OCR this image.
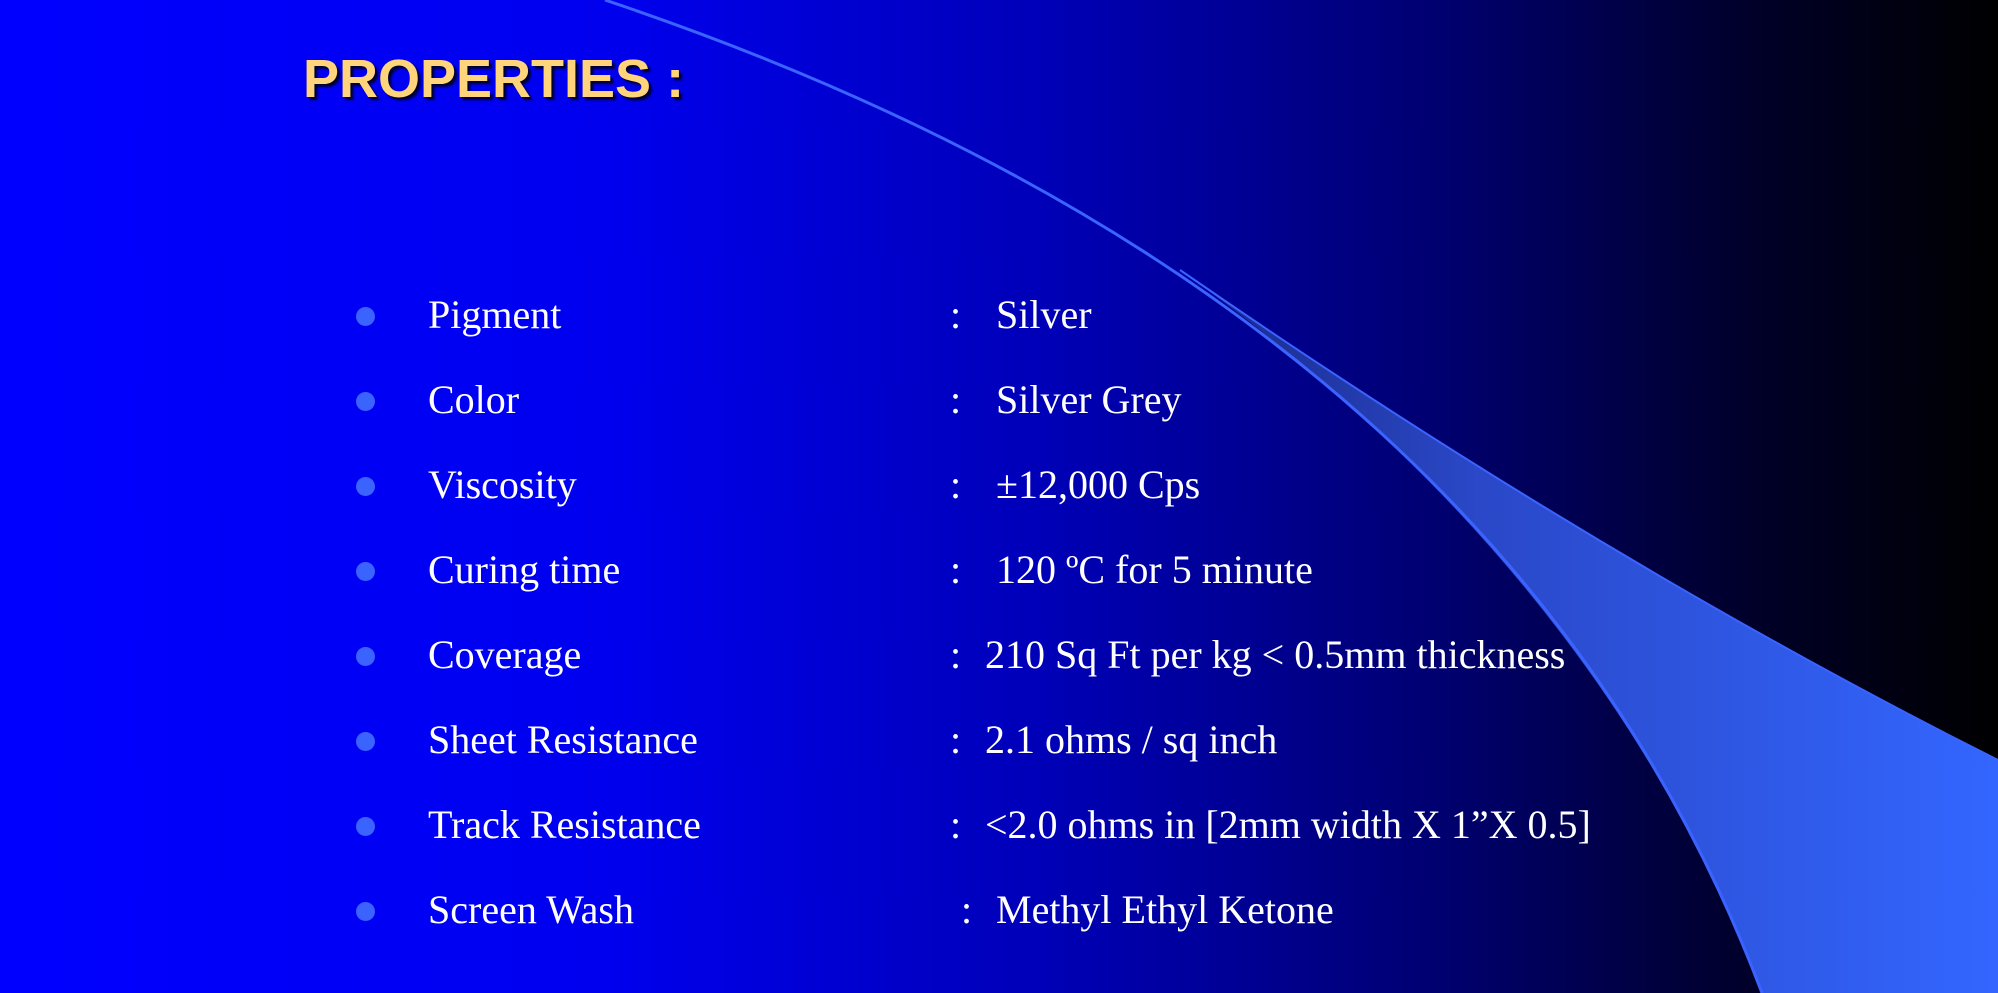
PROPERTIES :
Pigment	: Silver
Color	: Silver Grey
Viscosity	: ±12,000 Cps
Curing time	: 120 ºC for 5 minute
Coverage	: 210 Sq Ft per kg < 0.5mm thickness
Sheet Resistance	: 2.1 ohms / sq inch
Track Resistance	: <2.0 ohms in [2mm width X 1”X 0.5]
Screen Wash	: Methyl Ethyl Ketone
